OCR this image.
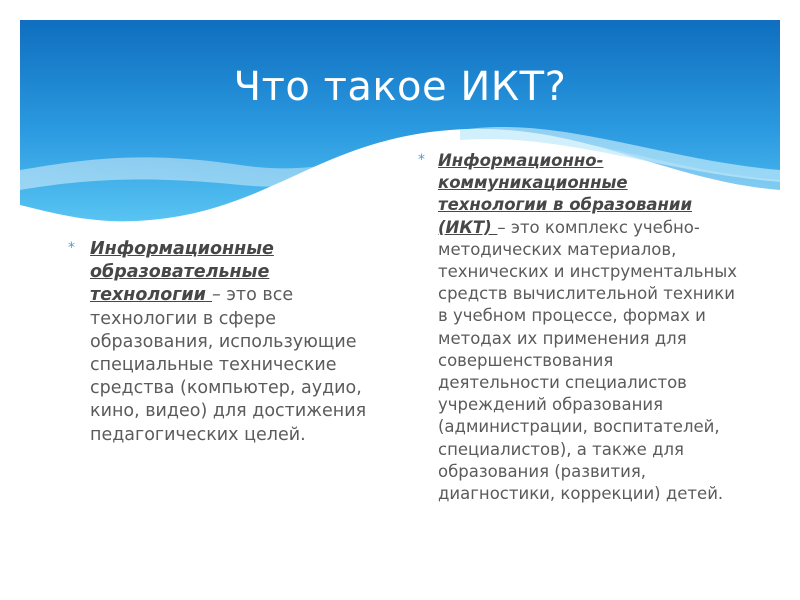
Что такое ИКТ?
* Информационные образовательные технологии – это все технологии в сфере образования, использующие специальные технические средства (компьютер, аудио, кино, видео) для достижения педагогических целей.
* Информационно-коммуникационные технологии в образовании (ИКТ) – это комплекс учебно-методических материалов, технических и инструментальных средств вычислительной техники в учебном процессе, формах и методах их применения для совершенствования деятельности специалистов учреждений образования (администрации, воспитателей, специалистов), а также для образования (развития, диагностики, коррекции) детей.
